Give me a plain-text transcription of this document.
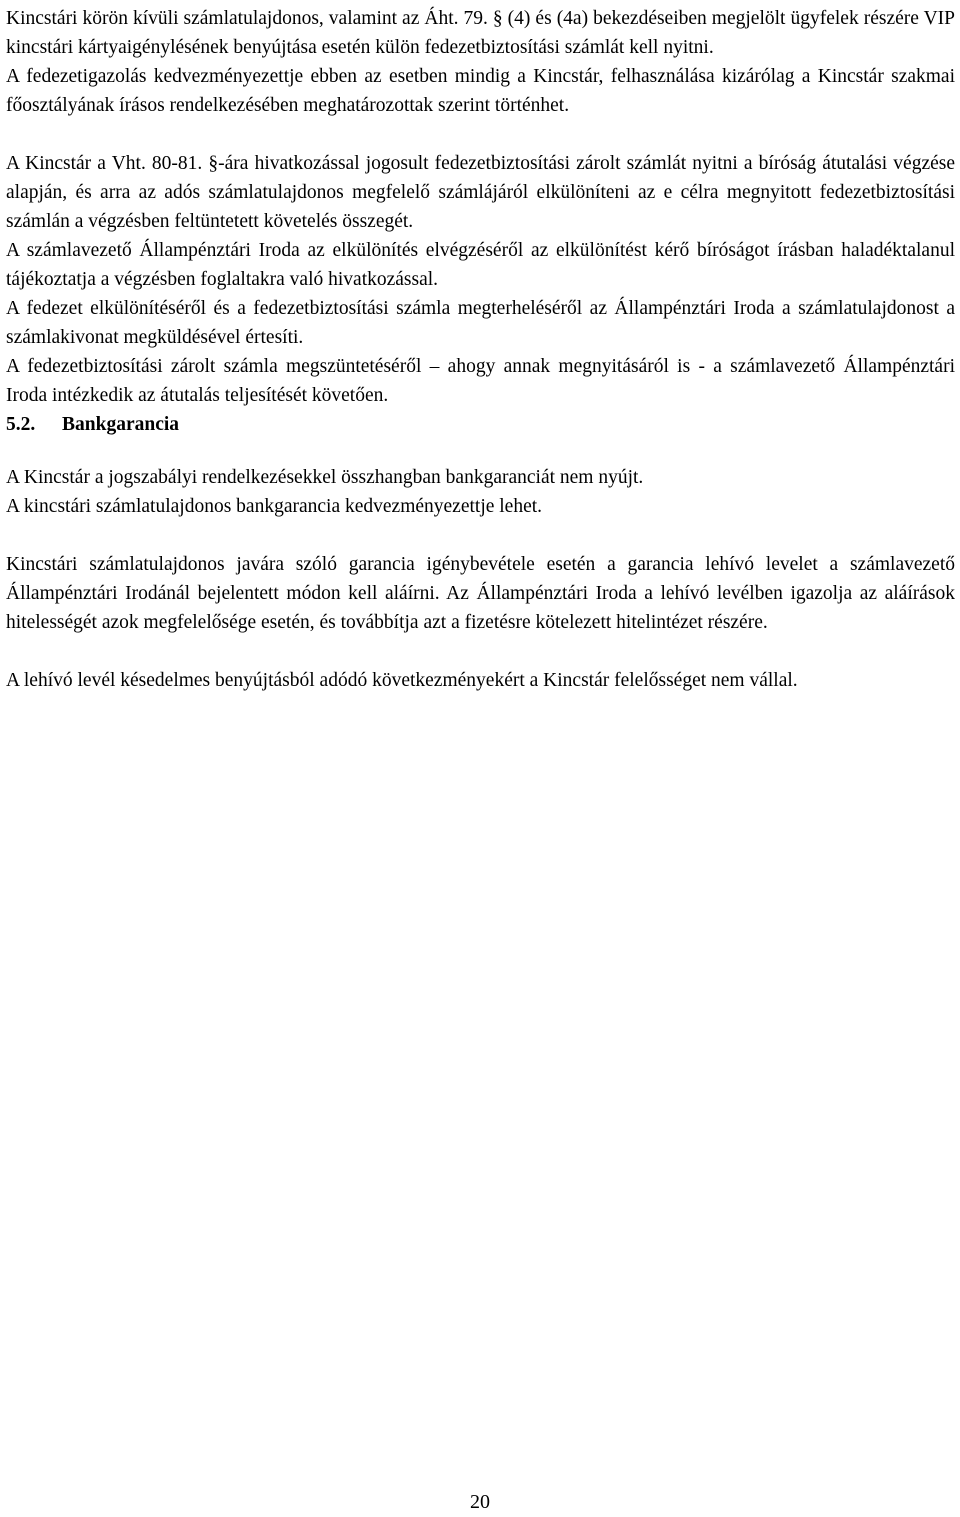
Kincstári körön kívüli számlatulajdonos, valamint az Áht. 79. § (4) és (4a) bekezdéseiben megjelölt ügyfelek részére VIP kincstári kártyaigénylésének benyújtása esetén külön fedezetbiztosítási számlát kell nyitni.

A fedezetigazolás kedvezményezettje ebben az esetben mindig a Kincstár, felhasználása kizárólag a Kincstár szakmai főosztályának írásos rendelkezésében meghatározottak szerint történhet.

A Kincstár a Vht. 80-81. §-ára hivatkozással jogosult fedezetbiztosítási zárolt számlát nyitni a bíróság átutalási végzése alapján, és arra az adós számlatulajdonos megfelelő számlájáról elkülöníteni az e célra megnyitott fedezetbiztosítási számlán a végzésben feltüntetett követelés összegét.

A számlavezető Állampénztári Iroda az elkülönítés elvégzéséről az elkülönítést kérő bíróságot írásban haladéktalanul tájékoztatja a végzésben foglaltakra való hivatkozással.

A fedezet elkülönítéséről és a fedezetbiztosítási számla megterheléséről az Állampénztári Iroda a számlatulajdonost a számlakivonat megküldésével értesíti.

A fedezetbiztosítási zárolt számla megszüntetéséről – ahogy annak megnyitásáról is - a számlavezető Állampénztári Iroda intézkedik az átutalás teljesítését követően.

5.2. Bankgarancia

A Kincstár a jogszabályi rendelkezésekkel összhangban bankgaranciát nem nyújt.

A kincstári számlatulajdonos bankgarancia kedvezményezettje lehet.

Kincstári számlatulajdonos javára szóló garancia igénybevétele esetén a garancia lehívó levelet a számlavezető Állampénztári Irodánál bejelentett módon kell aláírni. Az Állampénztári Iroda a lehívó levélben igazolja az aláírások hitelességét azok megfelelősége esetén, és továbbítja azt a fizetésre kötelezett hitelintézet részére.

A lehívó levél késedelmes benyújtásból adódó következményekért a Kincstár felelősséget nem vállal.

20
